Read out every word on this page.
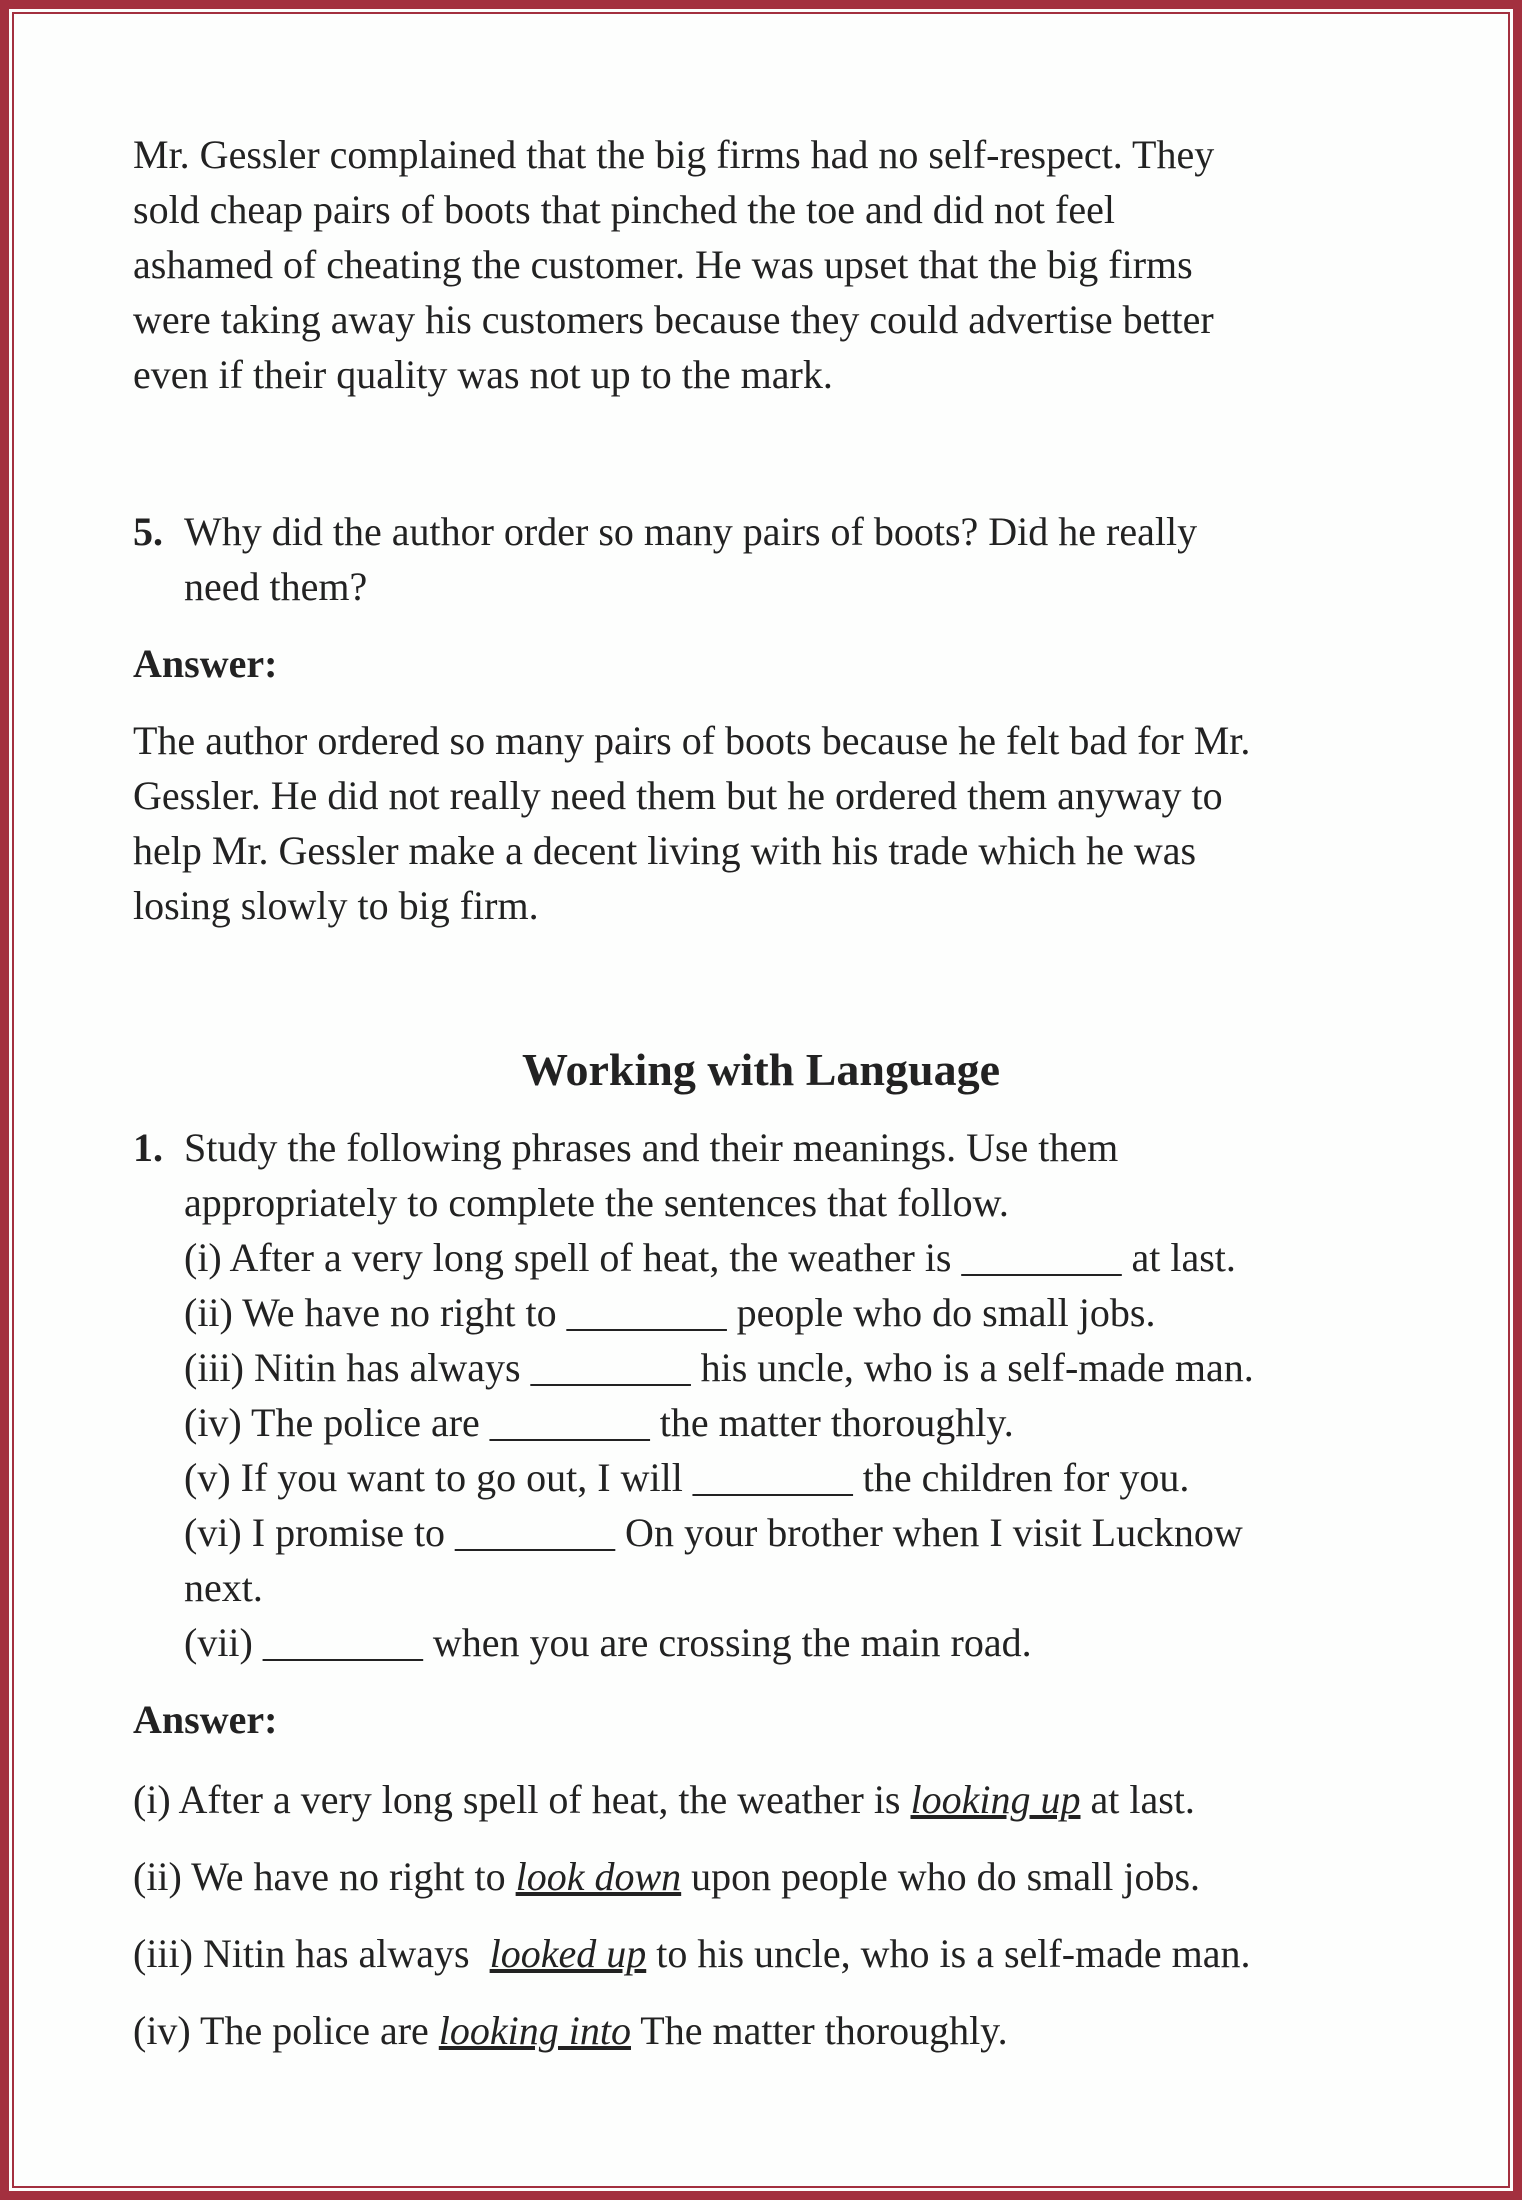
Mr. Gessler complained that the big firms had no self-respect. They
sold cheap pairs of boots that pinched the toe and did not feel
ashamed of cheating the customer. He was upset that the big firms
were taking away his customers because they could advertise better
even if their quality was not up to the mark.
5. Why did the author order so many pairs of boots? Did he really
need them?
Answer:
The author ordered so many pairs of boots because he felt bad for Mr.
Gessler. He did not really need them but he ordered them anyway to
help Mr. Gessler make a decent living with his trade which he was
losing slowly to big firm.
Working with Language
1. Study the following phrases and their meanings. Use them
appropriately to complete the sentences that follow.
(i) After a very long spell of heat, the weather is ________ at last.
(ii) We have no right to ________ people who do small jobs.
(iii) Nitin has always ________ his uncle, who is a self-made man.
(iv) The police are ________ the matter thoroughly.
(v) If you want to go out, I will ________ the children for you.
(vi) I promise to ________ On your brother when I visit Lucknow
next.
(vii) ________ when you are crossing the main road.
Answer:
(i) After a very long spell of heat, the weather is looking up at last.
(ii) We have no right to look down upon people who do small jobs.
(iii) Nitin has always  looked up to his uncle, who is a self-made man.
(iv) The police are looking into The matter thoroughly.
